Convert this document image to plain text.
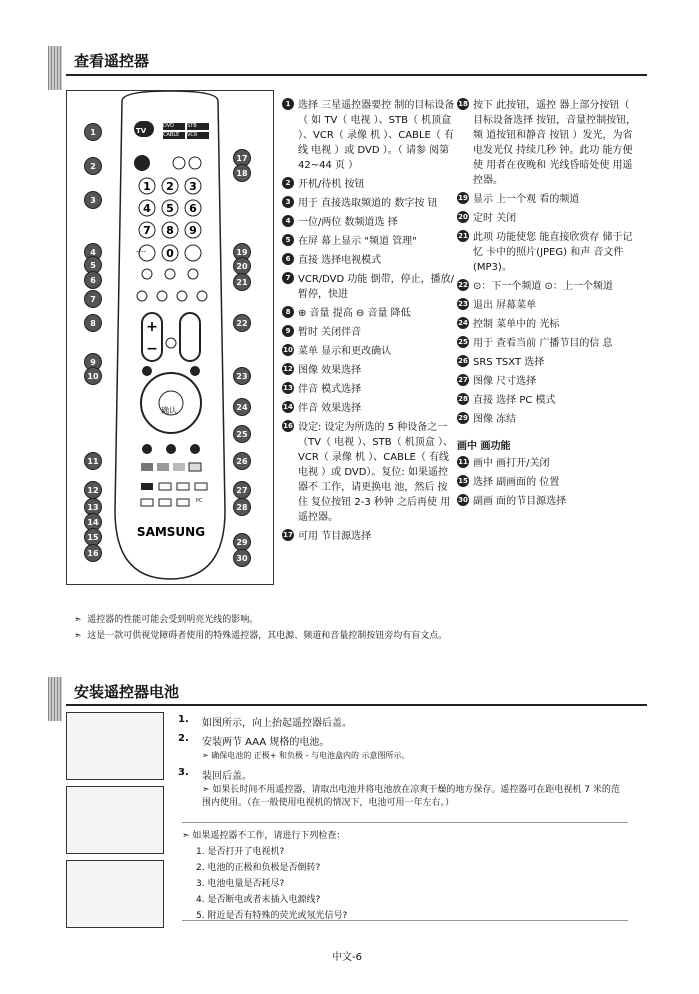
查看遥控器
1 2 3
4 5 6
7 8 9
0
+
−
SAMSUNG
1
2
3
4
5
6
7
8
9
10
11
12
13
14
15
16
17
18
19
20
21
22
23
24
25
26
27
28
29
30
TV
DVD	STB
CABLE VCR
确认
PC
-/--
1 选择 三星遥控器要控 制的目标设备（ 如 TV（ 电视 ）、STB（ 机顶盒 ）、VCR（ 录像 机 ）、CABLE（ 有线 电视 ）或 DVD ）。（ 请参 阅第 42~44 页 ）
2 开机/待机 按钮
3 用于 直接选取频道的 数字按 钮
4 一位/两位 数频道选 择
5 在屏 幕上显示 "频道 管理"
6 直接 选择电视模式
7 VCR/DVD 功能 倒带，停止，播放/暂停，快进
8 ⊕ 音量 提高 ⊖ 音量 降低
9 暂时 关闭伴音
10 菜单 显示和更改确认
12 图像 效果选择
13 伴音 模式选择
14 伴音 效果选择
16 设定: 设定为所选的 5 种设备之一（TV（ 电视 ）、STB（ 机顶盒 ）、VCR（ 录像 机 ）、CABLE（ 有线电视 ）或 DVD）。复位: 如果遥控器不 工作，请更换电 池，然后 按住 复位按钮 2-3 秒钟 之后再使 用遥控器。
17 可用 节目源选择
18 按下 此按钮，遥控 器上部分按钮（ 目标设备选择 按钮，音量控制按钮，频 道按钮和静音 按钮 ）发光，为省 电发光仅 持续几秒 钟。此功 能方便使 用者在夜晚和 光线昏暗处使 用遥控器。
19 显示 上一个观 看的频道
20 定时 关闭
21 此项 功能使您 能直接欣赏存 储于记忆 卡中的照片(JPEG) 和声 音文件(MP3)。
22 ⊙：下一个频道 ⊙：上一个频道
23 退出 屏幕菜单
24 控制 菜单中的 光标
25 用于 查看当前 广播节目的信 息
26 SRS TSXT 选择
27 图像 尺寸选择
28 直接 选择 PC 模式
29 图像 冻结
画中 画功能
11 画中 画打开/关闭
15 选择 副画面的 位置
30 副画 面的节目源选择
➣  遥控器的性能可能会受到明亮光线的影响。
➣  这是一款可供视觉障碍者使用的特殊遥控器，其电源、频道和音量控制按钮旁均有盲文点。
安装遥控器电池
1.	如图所示，向上抬起遥控器后盖。
2.	安装两节 AAA 规格的电池。
➣ 确保电池的 正极+ 和负极 - 与电池盒内的 示意图所示。
3.	装回后盖。
➣ 如果长时间不用遥控器，请取出电池并将电池放在凉爽干燥的地方保存。遥控器可在距电视机 7 米的范围内使用。（在一般使用电视机的情况下，电池可用一年左右。）
➣ 如果遥控器不工作，请进行下列检查：
1. 是否打开了电视机?
2. 电池的正极和负极是否倒转?
3. 电池电量是否耗尽?
4. 是否断电或者未插入电源线?
5. 附近是否有特殊的荧光或氖光信号?
中文-6
